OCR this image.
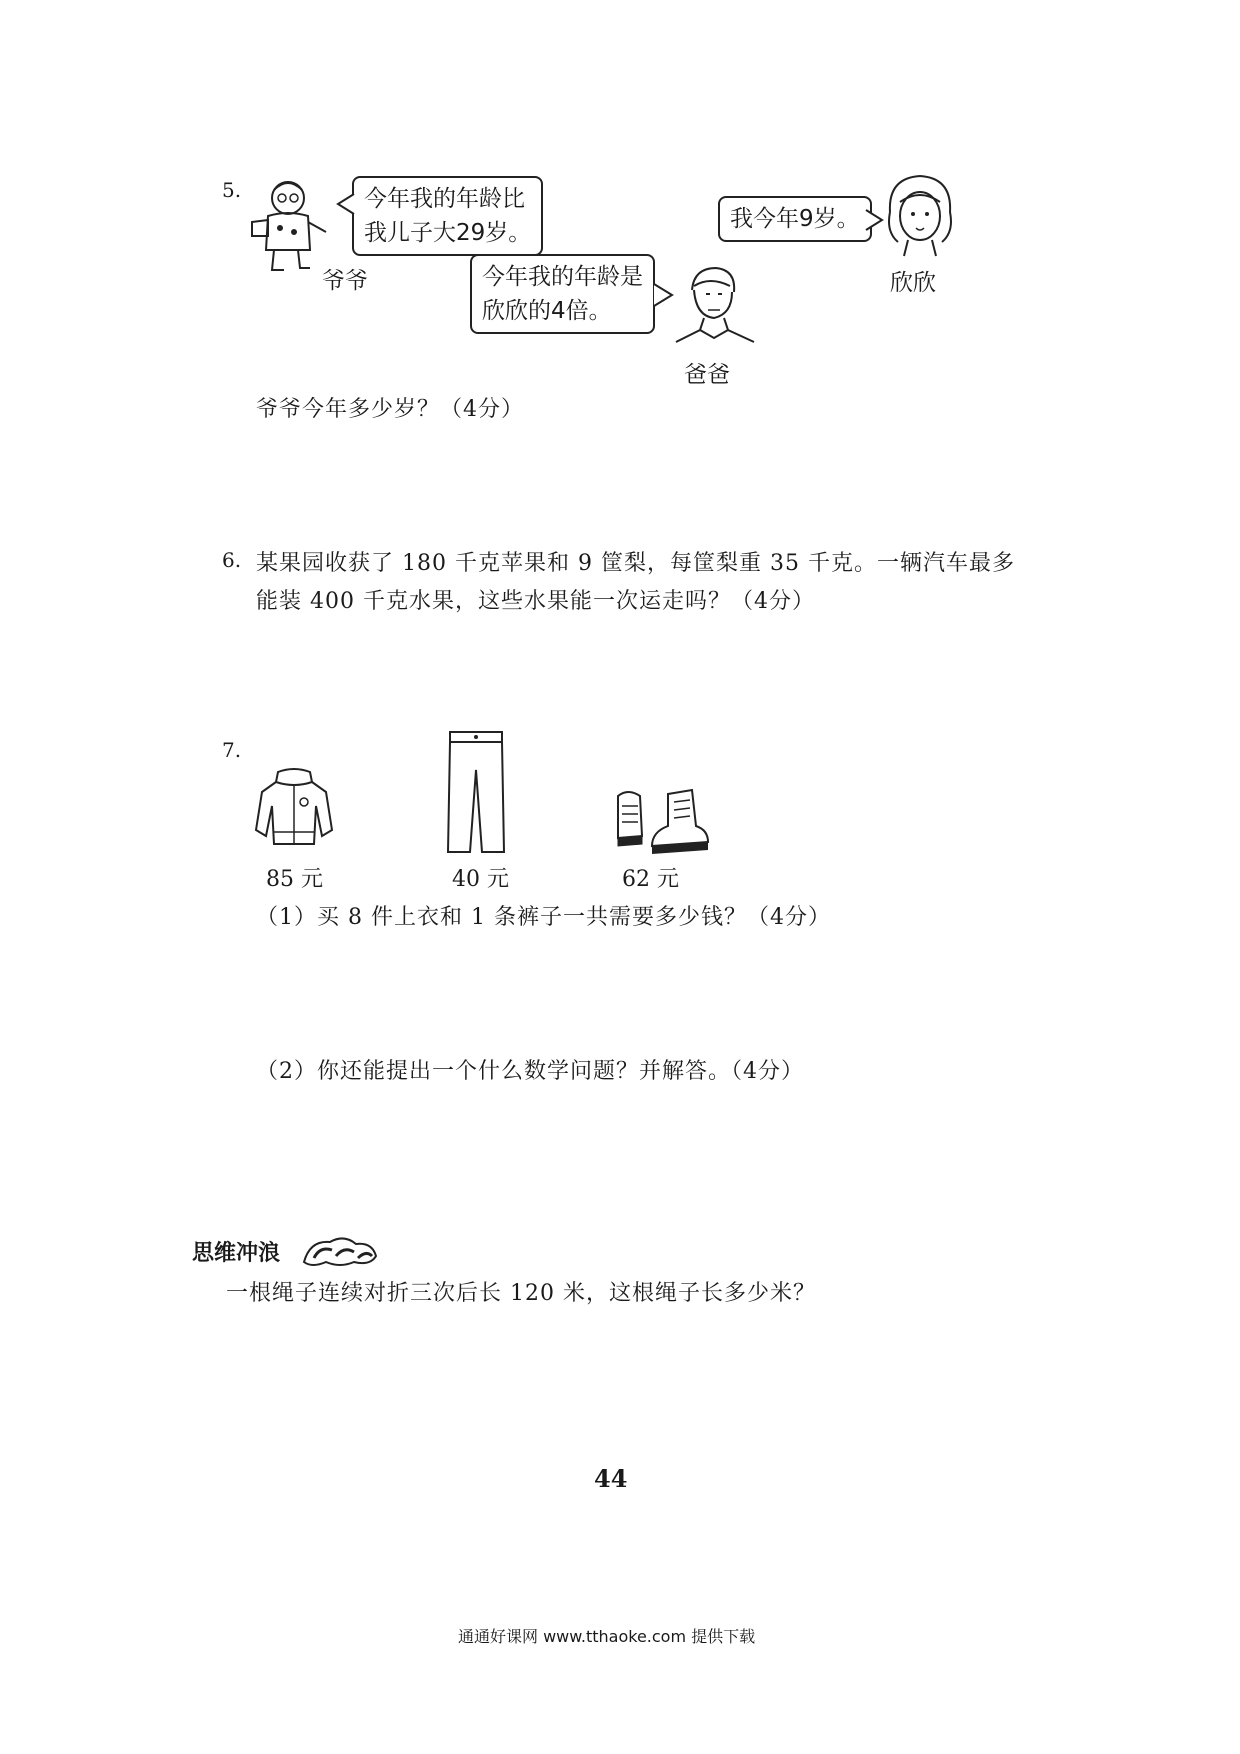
5.
爷爷
今年我的年龄比
我儿子大29岁。
我今年9岁。
欣欣
今年我的年龄是
欣欣的4倍。
爸爸
爷爷今年多少岁？（4分）
6. 某果园收获了 180 千克苹果和 9 筐梨，每筐梨重 35 千克。一辆汽车最多
能装 400 千克水果，这些水果能一次运走吗？（4分）
7.
85 元	40 元	62 元
（1）买 8 件上衣和 1 条裤子一共需要多少钱？（4分）
（2）你还能提出一个什么数学问题？并解答。（4分）
思维冲浪
一根绳子连续对折三次后长 120 米，这根绳子长多少米？
44
通通好课网 www.tthaoke.com 提供下载
